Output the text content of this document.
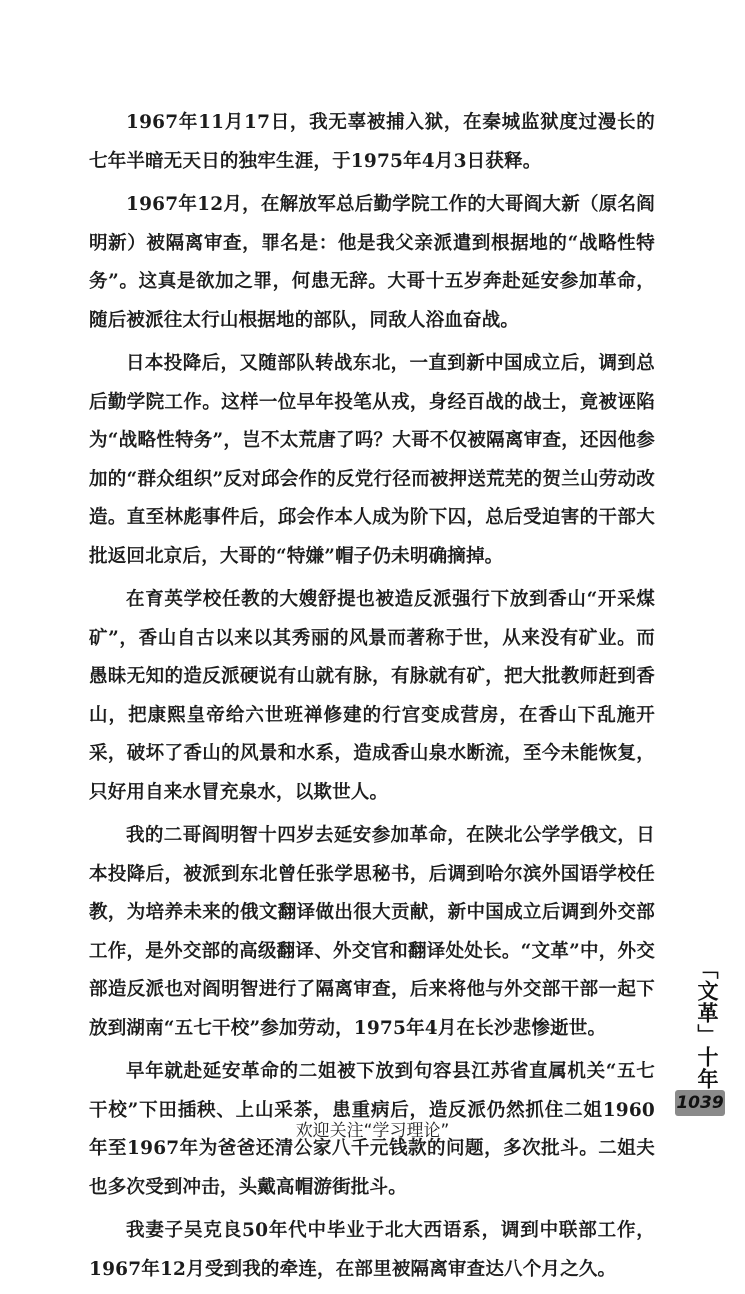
1967年11月17日，我无辜被捕入狱，在秦城监狱度过漫长的七年半暗无天日的独牢生涯，于1975年4月3日获释。

1967年12月，在解放军总后勤学院工作的大哥阎大新（原名阎明新）被隔离审查，罪名是：他是我父亲派遣到根据地的“战略性特务”。这真是欲加之罪，何患无辞。大哥十五岁奔赴延安参加革命，随后被派往太行山根据地的部队，同敌人浴血奋战。

日本投降后，又随部队转战东北，一直到新中国成立后，调到总后勤学院工作。这样一位早年投笔从戎，身经百战的战士，竟被诬陷为“战略性特务”，岂不太荒唐了吗？大哥不仅被隔离审查，还因他参加的“群众组织”反对邱会作的反党行径而被押送荒芜的贺兰山劳动改造。直至林彪事件后，邱会作本人成为阶下囚，总后受迫害的干部大批返回北京后，大哥的“特嫌”帽子仍未明确摘掉。

在育英学校任教的大嫂舒提也被造反派强行下放到香山“开采煤矿”，香山自古以来以其秀丽的风景而著称于世，从来没有矿业。而愚昧无知的造反派硬说有山就有脉，有脉就有矿，把大批教师赶到香山，把康熙皇帝给六世班禅修建的行宫变成营房，在香山下乱施开采，破坏了香山的风景和水系，造成香山泉水断流，至今未能恢复，只好用自来水冒充泉水，以欺世人。

我的二哥阎明智十四岁去延安参加革命，在陕北公学学俄文，日本投降后，被派到东北曾任张学思秘书，后调到哈尔滨外国语学校任教，为培养未来的俄文翻译做出很大贡献，新中国成立后调到外交部工作，是外交部的高级翻译、外交官和翻译处处长。“文革”中，外交部造反派也对阎明智进行了隔离审查，后来将他与外交部干部一起下放到湖南“五七干校”参加劳动，1975年4月在长沙悲惨逝世。

早年就赴延安革命的二姐被下放到句容县江苏省直属机关“五七干校”下田插秧、上山采茶，患重病后，造反派仍然抓住二姐1960年至1967年为爸爸还清公家八千元钱款的问题，多次批斗。二姐夫也多次受到冲击，头戴高帽游街批斗。

我妻子吴克良50年代中毕业于北大西语系，调到中联部工作，1967年12月受到我的牵连，在部里被隔离审查达八个月之久。

「文革」十年
1039
欢迎关注“学习理论”
